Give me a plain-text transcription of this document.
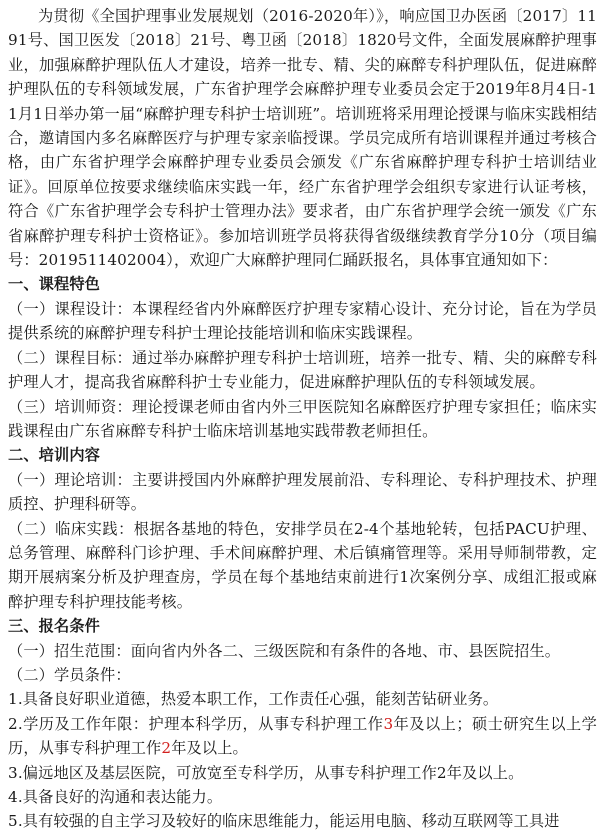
为贯彻《全国护理事业发展规划（2016-2020年）》，响应国卫办医函〔2017〕1191号、国卫医发〔2018〕21号、粤卫函〔2018〕1820号文件，全面发展麻醉护理事业，加强麻醉护理队伍人才建设，培养一批专、精、尖的麻醉专科护理队伍，促进麻醉护理队伍的专科领域发展，广东省护理学会麻醉护理专业委员会定于2019年8月4日-11月1日举办第一届“麻醉护理专科护士培训班”。培训班将采用理论授课与临床实践相结合，邀请国内多名麻醉医疗与护理专家亲临授课。学员完成所有培训课程并通过考核合格，由广东省护理学会麻醉护理专业委员会颁发《广东省麻醉护理专科护士培训结业证》。回原单位按要求继续临床实践一年，经广东省护理学会组织专家进行认证考核，符合《广东省护理学会专科护士管理办法》要求者，由广东省护理学会统一颁发《广东省麻醉护理专科护士资格证》。参加培训班学员将获得省级继续教育学分10分（项目编号：2019511402004），欢迎广大麻醉护理同仁踊跃报名，具体事宜通知如下：

一、课程特色

（一）课程设计：本课程经省内外麻醉医疗护理专家精心设计、充分讨论，旨在为学员提供系统的麻醉护理专科护士理论技能培训和临床实践课程。

（二）课程目标：通过举办麻醉护理专科护士培训班，培养一批专、精、尖的麻醉专科护理人才，提高我省麻醉科护士专业能力，促进麻醉护理队伍的专科领域发展。

（三）培训师资：理论授课老师由省内外三甲医院知名麻醉医疗护理专家担任；临床实践课程由广东省麻醉专科护士临床培训基地实践带教老师担任。

二、培训内容

（一）理论培训：主要讲授国内外麻醉护理发展前沿、专科理论、专科护理技术、护理质控、护理科研等。

（二）临床实践：根据各基地的特色，安排学员在2-4个基地轮转，包括PACU护理、总务管理、麻醉科门诊护理、手术间麻醉护理、术后镇痛管理等。采用导师制带教，定期开展病案分析及护理查房，学员在每个基地结束前进行1次案例分享、成组汇报或麻醉护理专科护理技能考核。

三、报名条件

（一）招生范围：面向省内外各二、三级医院和有条件的各地、市、县医院招生。

（二）学员条件：

1.具备良好职业道德，热爱本职工作，工作责任心强，能刻苦钻研业务。

2.学历及工作年限：护理本科学历，从事专科护理工作3年及以上；硕士研究生以上学历，从事专科护理工作2年及以上。

3.偏远地区及基层医院，可放宽至专科学历，从事专科护理工作2年及以上。

4.具备良好的沟通和表达能力。

5.具有较强的自主学习及较好的临床思维能力，能运用电脑、移动互联网等工具进
